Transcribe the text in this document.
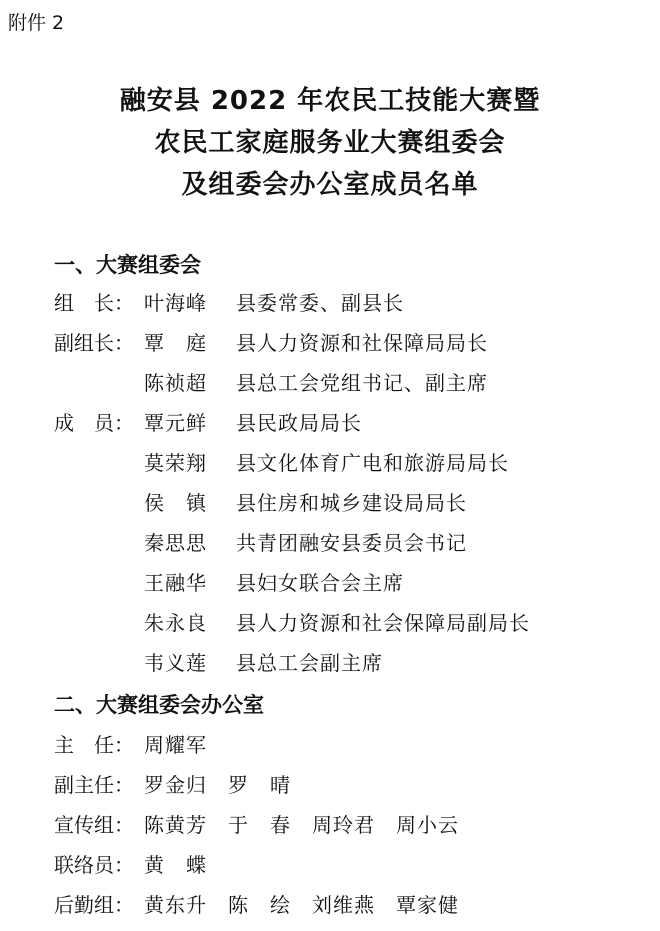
附件 2
融安县 2022 年农民工技能大赛暨
农民工家庭服务业大赛组委会
及组委会办公室成员名单
一、大赛组委会
组　长： 叶海峰 县委常委、副县长
副组长： 覃　庭 县人力资源和社保障局局长
陈祯超 县总工会党组书记、副主席
成　员： 覃元鲜 县民政局局长
莫荣翔 县文化体育广电和旅游局局长
侯　镇 县住房和城乡建设局局长
秦思思 共青团融安县委员会书记
王融华 县妇女联合会主席
朱永良 县人力资源和社会保障局副局长
韦义莲 县总工会副主席
二、大赛组委会办公室
主　任： 周耀军
副主任： 罗金归　罗　晴
宣传组： 陈黄芳　于　春　周玲君　周小云
联络员： 黄　蝶
后勤组： 黄东升　陈　绘　刘维燕　覃家健
